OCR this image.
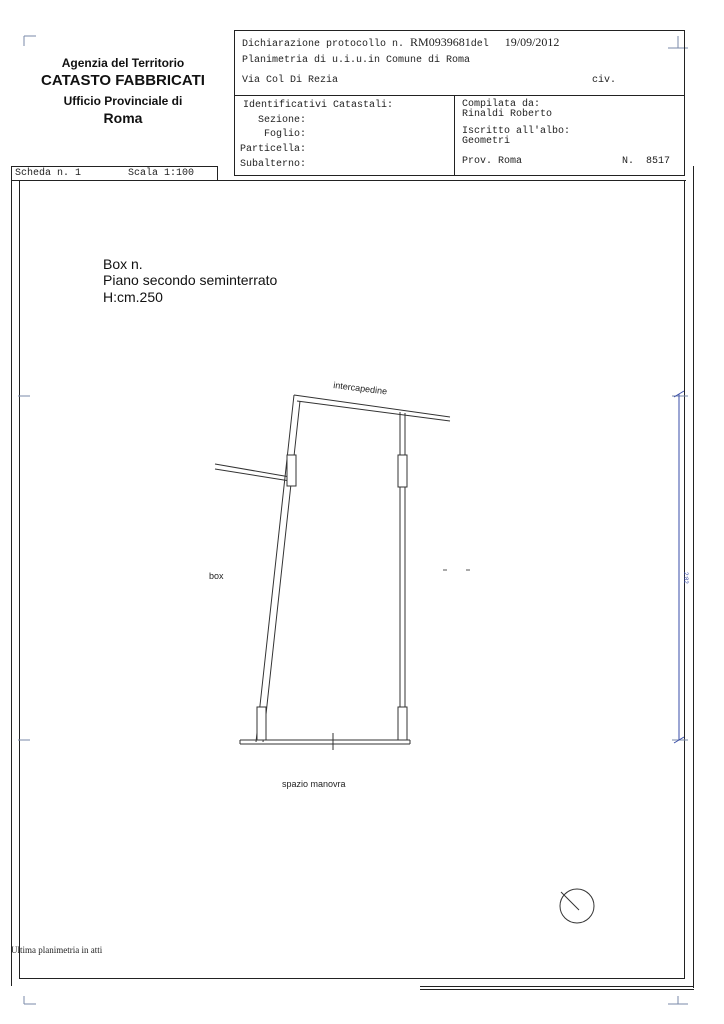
Agenzia del Territorio
CATASTO FABBRICATI
Ufficio Provinciale di
Roma
Dichiarazione protocollo n. RM0939681del 19/09/2012
Planimetria di u.i.u.in Comune di Roma
Via Col Di Rezia	civ.
Identificativi Catastali:
Sezione:
Foglio:
Particella:
Subalterno:
Compilata da:
Rinaldi Roberto
Iscritto all'albo:
Geometri
Prov. Roma	N. 8517
Scheda n. 1	Scala 1:100
Box n.
Piano secondo seminterrato
H:cm.250
2:82
intercapedine
box
spazio manovra
Ultima planimetria in atti
